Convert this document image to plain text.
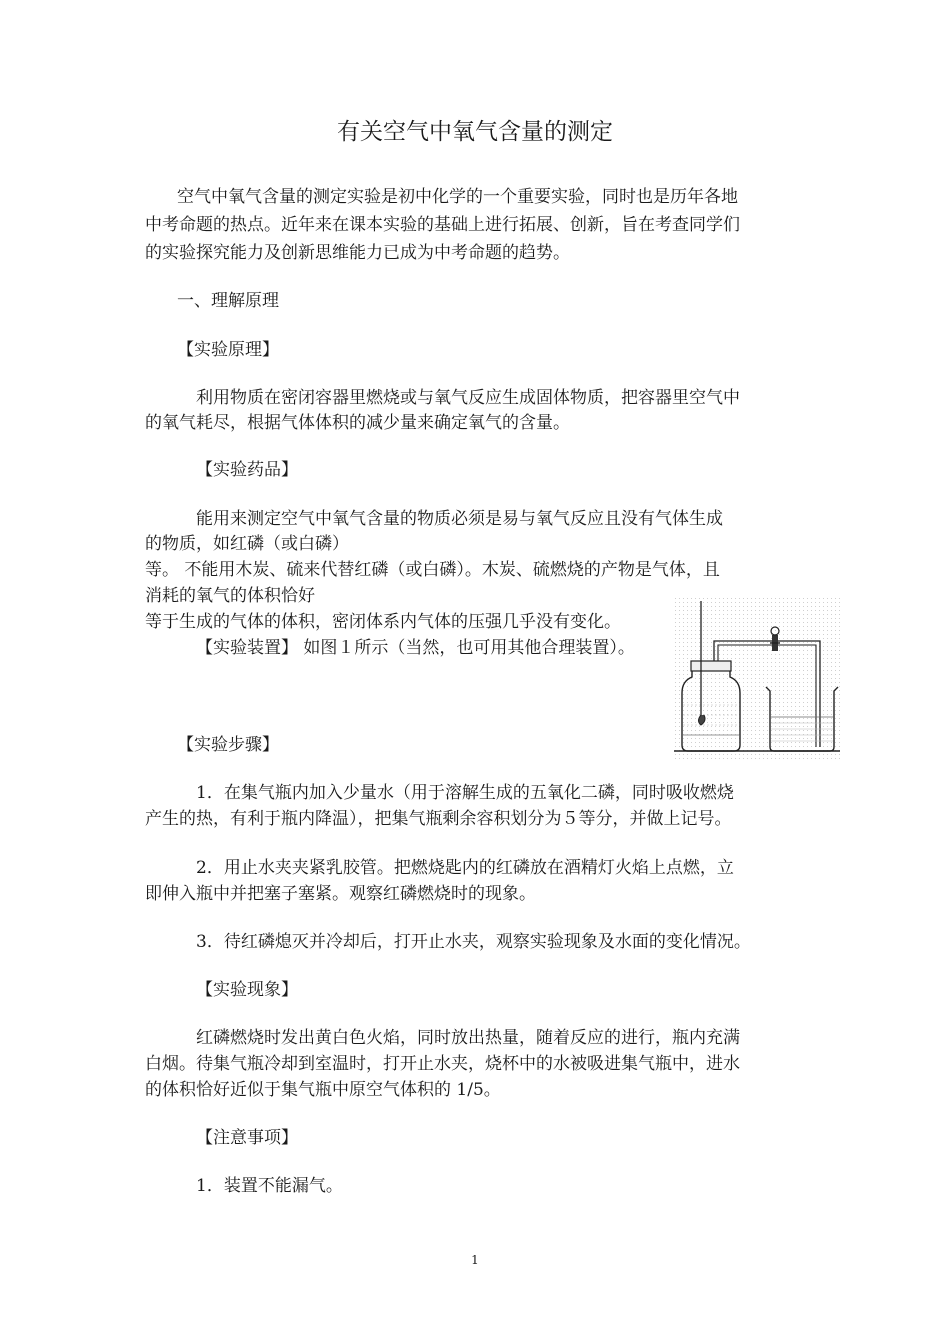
有关空气中氧气含量的测定

空气中氧气含量的测定实验是初中化学的一个重要实验，同时也是历年各地

中考命题的热点。近年来在课本实验的基础上进行拓展、创新，旨在考查同学们

的实验探究能力及创新思维能力已成为中考命题的趋势。

一、理解原理

【实验原理】

利用物质在密闭容器里燃烧或与氧气反应生成固体物质，把容器里空气中

的氧气耗尽，根据气体体积的减少量来确定氧气的含量。

【实验药品】

能用来测定空气中氧气含量的物质必须是易与氧气反应且没有气体生成

的物质，如红磷（或白磷）

等。 不能用木炭、硫来代替红磷（或白磷）。木炭、硫燃烧的产物是气体，且

消耗的氧气的体积恰好

等于生成的气体的体积，密闭体系内气体的压强几乎没有变化。

【实验装置】 如图１所示（当然，也可用其他合理装置）。

【实验步骤】

1．在集气瓶内加入少量水（用于溶解生成的五氧化二磷，同时吸收燃烧

产生的热，有利于瓶内降温），把集气瓶剩余容积划分为５等分，并做上记号。

2．用止水夹夹紧乳胶管。把燃烧匙内的红磷放在酒精灯火焰上点燃，立

即伸入瓶中并把塞子塞紧。观察红磷燃烧时的现象。

3．待红磷熄灭并冷却后，打开止水夹，观察实验现象及水面的变化情况。

【实验现象】

红磷燃烧时发出黄白色火焰，同时放出热量，随着反应的进行，瓶内充满

白烟。待集气瓶冷却到室温时，打开止水夹，烧杯中的水被吸进集气瓶中，进水

的体积恰好近似于集气瓶中原空气体积的 1/5。

【注意事项】

1．装置不能漏气。

1
